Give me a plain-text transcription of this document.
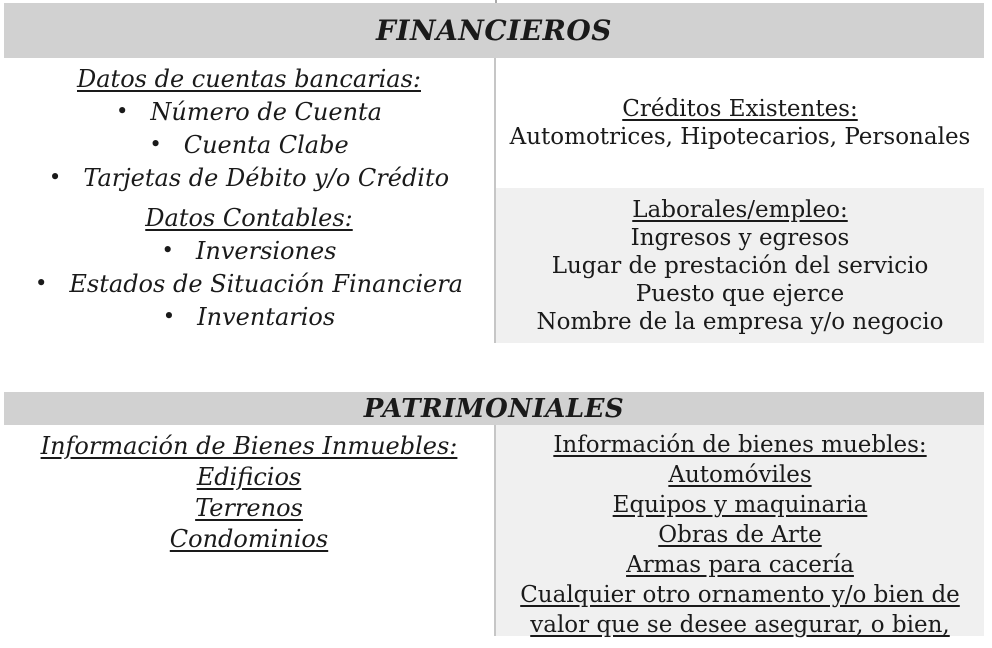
FINANCIEROS
Datos de cuentas bancarias:
• Número de Cuenta
• Cuenta Clabe
• Tarjetas de Débito y/o Crédito
Datos Contables:
• Inversiones
• Estados de Situación Financiera
• Inventarios
Créditos Existentes:
Automotrices, Hipotecarios, Personales
Laborales/empleo:
Ingresos y egresos
Lugar de prestación del servicio
Puesto que ejerce
Nombre de la empresa y/o negocio
PATRIMONIALES
Información de Bienes Inmuebles:
Edificios
Terrenos
Condominios
Información de bienes muebles:
Automóviles
Equipos y maquinaria
Obras de Arte
Armas para cacería
Cualquier otro ornamento y/o bien de valor que se desee asegurar, o bien,
